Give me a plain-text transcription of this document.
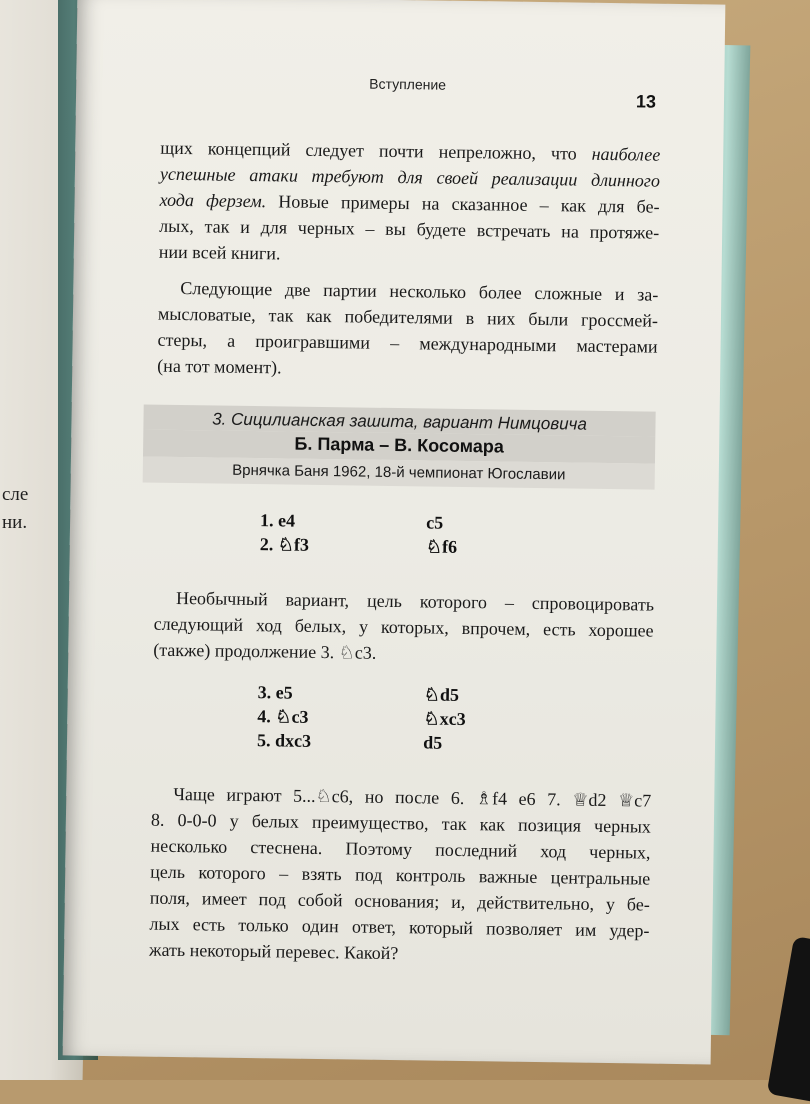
сле
ни.
Вступление
13
щих концепций следует почти непреложно, что наиболее
успешные атаки требуют для своей реализации длинного
хода ферзем. Новые примеры на сказанное – как для бе-
лых, так и для черных – вы будете встречать на протяже-
нии всей книги.
Следующие две партии несколько более сложные и за-
мысловатые, так как победителями в них были гроссмей-
стеры, а проигравшими – международными мастерами
(на тот момент).
3. Сицилианская зашита, вариант Нимцовича
Б. Парма – В. Косомара
Врнячка Баня 1962, 18-й чемпионат Югославии
1. e4	c5
2. ♘f3	♘f6
Необычный вариант, цель которого – спровоцировать
следующий ход белых, у которых, впрочем, есть хорошее
(также) продолжение 3. ♘c3.
3. e5	♘d5
4. ♘c3	♘xc3
5. dxc3	d5
Чаще играют 5...♘c6, но после 6. ♗f4 e6 7. ♕d2 ♕c7
8. 0-0-0 у белых преимущество, так как позиция черных
несколько стеснена. Поэтому последний ход черных,
цель которого – взять под контроль важные центральные
поля, имеет под собой основания; и, действительно, у бе-
лых есть только один ответ, который позволяет им удер-
жать некоторый перевес. Какой?
